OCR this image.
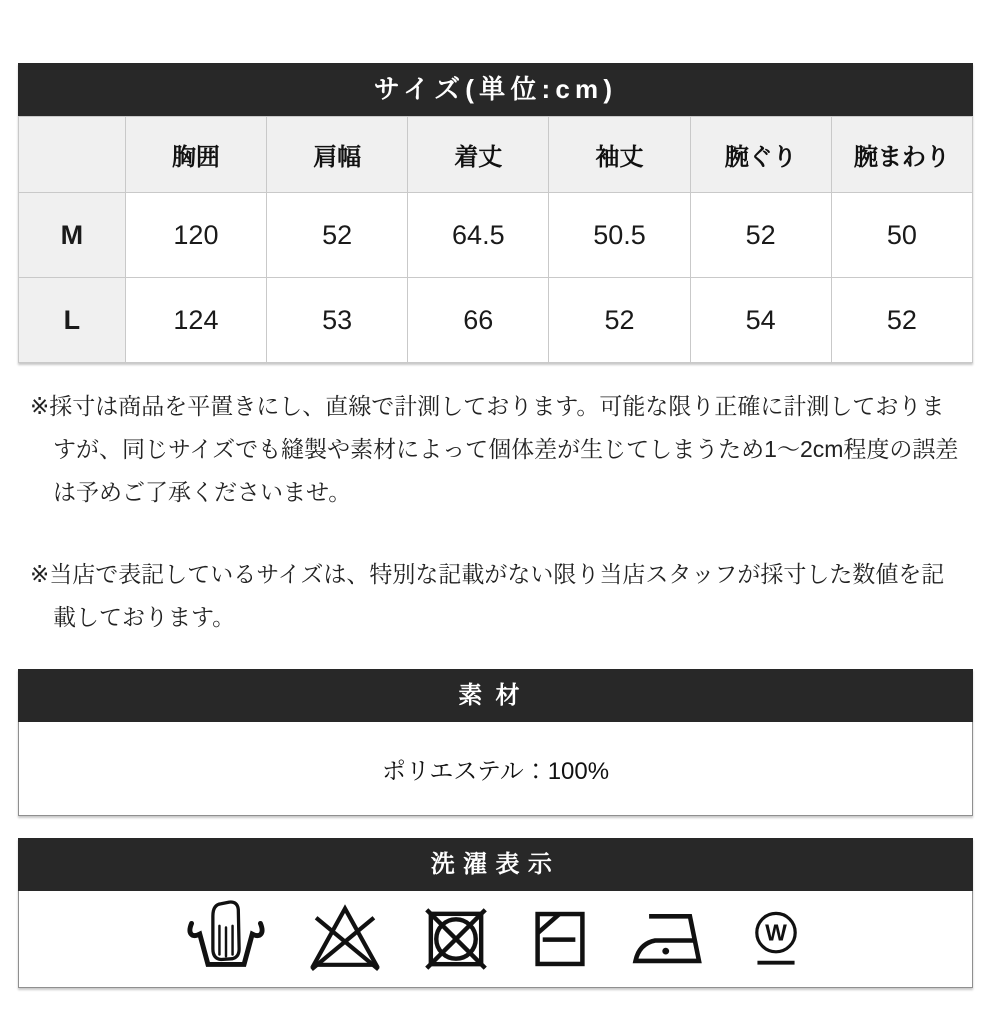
サイズ(単位:cm)
	胸囲	肩幅	着丈	袖丈	腕ぐり	腕まわり
M	120	52	64.5	50.5	52	50
L	124	53	66	52	54	52

※採寸は商品を平置きにし、直線で計測しております。可能な限り正確に計測しておりますが、同じサイズでも縫製や素材によって個体差が生じてしまうため1〜2cm程度の誤差は予めご了承くださいませ。

※当店で表記しているサイズは、特別な記載がない限り当店スタッフが採寸した数値を記載しております。

素材
ポリエステル：100%
洗濯表示
W
